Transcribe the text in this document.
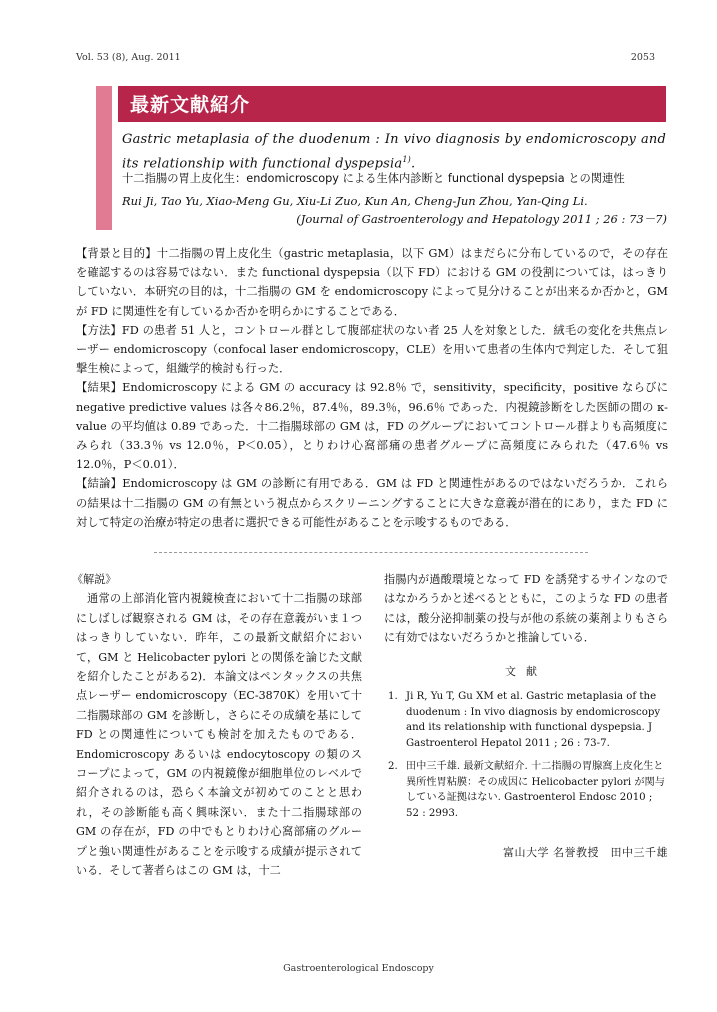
Vol. 53 (8), Aug. 2011	2053
最新文献紹介
Gastric metaplasia of the duodenum : In vivo diagnosis by endomicroscopy and its relationship with functional dyspepsia$^{1)}$.
十二指腸の胃上皮化生：endomicroscopy による生体内診断と functional dyspepsia との関連性
Rui Ji, Tao Yu, Xiao-Meng Gu, Xiu-Li Zuo, Kun An, Cheng-Jun Zhou, Yan-Qing Li.
(Journal of Gastroenterology and Hepatology 2011 ; 26 : 73－7)

【背景と目的】十二指腸の胃上皮化生（gastric metaplasia，以下 GM）はまだらに分布しているので，その存在を確認するのは容易ではない．また functional dyspepsia（以下 FD）における GM の役割については，はっきりしていない．本研究の目的は，十二指腸の GM を endomicroscopy によって見分けることが出来るか否かと，GM が FD に関連性を有しているか否かを明らかにすることである．

【方法】FD の患者 51 人と，コントロール群として腹部症状のない者 25 人を対象とした．絨毛の変化を共焦点レーザー endomicroscopy（confocal laser endomicroscopy，CLE）を用いて患者の生体内で判定した．そして狙撃生検によって，組織学的検討も行った．

【結果】Endomicroscopy による GM の accuracy は 92.8％ で，sensitivity，specificity，positive ならびに negative predictive values は各々86.2％，87.4％，89.3％，96.6％ であった．内視鏡診断をした医師の間の κ-value の平均値は 0.89 であった．十二指腸球部の GM は，FD のグループにおいてコントロール群よりも高頻度にみられ（33.3％ vs 12.0％，P＜0.05），とりわけ心窩部痛の患者グループに高頻度にみられた（47.6％ vs 12.0％，P＜0.01）．

【結論】Endomicroscopy は GM の診断に有用である．GM は FD と関連性があるのではないだろうか．これらの結果は十二指腸の GM の有無という視点からスクリーニングすることに大きな意義が潜在的にあり，また FD に対して特定の治療が特定の患者に選択できる可能性があることを示唆するものである．

《解説》

通常の上部消化管内視鏡検査において十二指腸の球部にしばしば観察される GM は，その存在意義がいま１つはっきりしていない．昨年，この最新文献紹介において，GM と Helicobacter pylori との関係を論じた文献を紹介したことがある2)．本論文はペンタックスの共焦点レーザー endomicroscopy（EC-3870K）を用いて十二指腸球部の GM を診断し，さらにその成績を基にして FD との関連性についても検討を加えたものである．Endomicroscopy あるいは endocytoscopy の類のスコープによって，GM の内視鏡像が細胞単位のレベルで紹介されるのは，恐らく本論文が初めてのことと思われ，その診断能も高く興味深い．また十二指腸球部の GM の存在が，FD の中でもとりわけ心窩部痛のグループと強い関連性があることを示唆する成績が提示されている．そして著者らはこの GM は，十二

指腸内が過酸環境となって FD を誘発するサインなのではなかろうかと述べるとともに，このような FD の患者には，酸分泌抑制薬の投与が他の系統の薬剤よりもさらに有効ではないだろうかと推論している．

文献
1. Ji R, Yu T, Gu XM et al. Gastric metaplasia of the duodenum : In vivo diagnosis by endomicroscopy and its relationship with functional dyspepsia. J Gastroenterol Hepatol 2011 ; 26 : 73-7.
2. 田中三千雄. 最新文献紹介. 十二指腸の胃腺窩上皮化生と異所性胃粘膜：その成因に Helicobacter pylori が関与している証拠はない. Gastroenterol Endosc 2010 ; 52 : 2993.
富山大学 名誉教授　田中三千雄
Gastroenterological Endoscopy
